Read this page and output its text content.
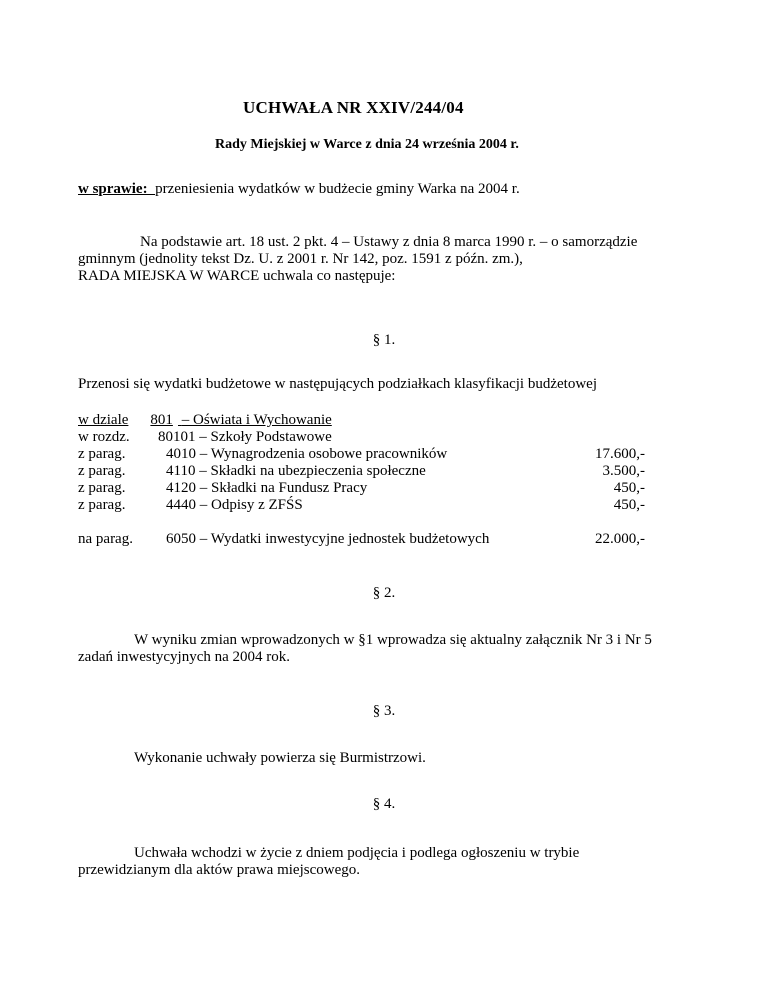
UCHWAŁA NR XXIV/244/04
Rady Miejskiej w Warce z dnia 24 września 2004 r.
w sprawie:  przeniesienia wydatków w budżecie gminy Warka na 2004 r.
Na podstawie art. 18 ust. 2 pkt. 4 – Ustawy z dnia 8 marca 1990 r. – o samorządzie
gminnym (jednolity tekst Dz. U. z 2001 r. Nr 142, poz. 1591 z późn. zm.),
RADA MIEJSKA W WARCE uchwala co następuje:
§ 1.
Przenosi się wydatki budżetowe w następujących podziałkach klasyfikacji budżetowej
w dziale 801 – Oświata i Wychowanie
w rozdz. 80101 – Szkoły Podstawowe
z parag.	4010 – Wynagrodzenia osobowe pracowników	17.600,-
z parag.	4110 – Składki na ubezpieczenia społeczne	3.500,-
z parag.	4120 – Składki na Fundusz Pracy	450,-
z parag.	4440 – Odpisy z ZFŚS	450,-
na parag. 6050 – Wydatki inwestycyjne jednostek budżetowych	22.000,-
§ 2.
W wyniku zmian wprowadzonych w §1 wprowadza się aktualny załącznik Nr 3 i Nr 5
zadań inwestycyjnych na 2004 rok.
§ 3.
Wykonanie uchwały powierza się Burmistrzowi.
§ 4.
Uchwała wchodzi w życie z dniem podjęcia i podlega ogłoszeniu w trybie
przewidzianym dla aktów prawa miejscowego.
